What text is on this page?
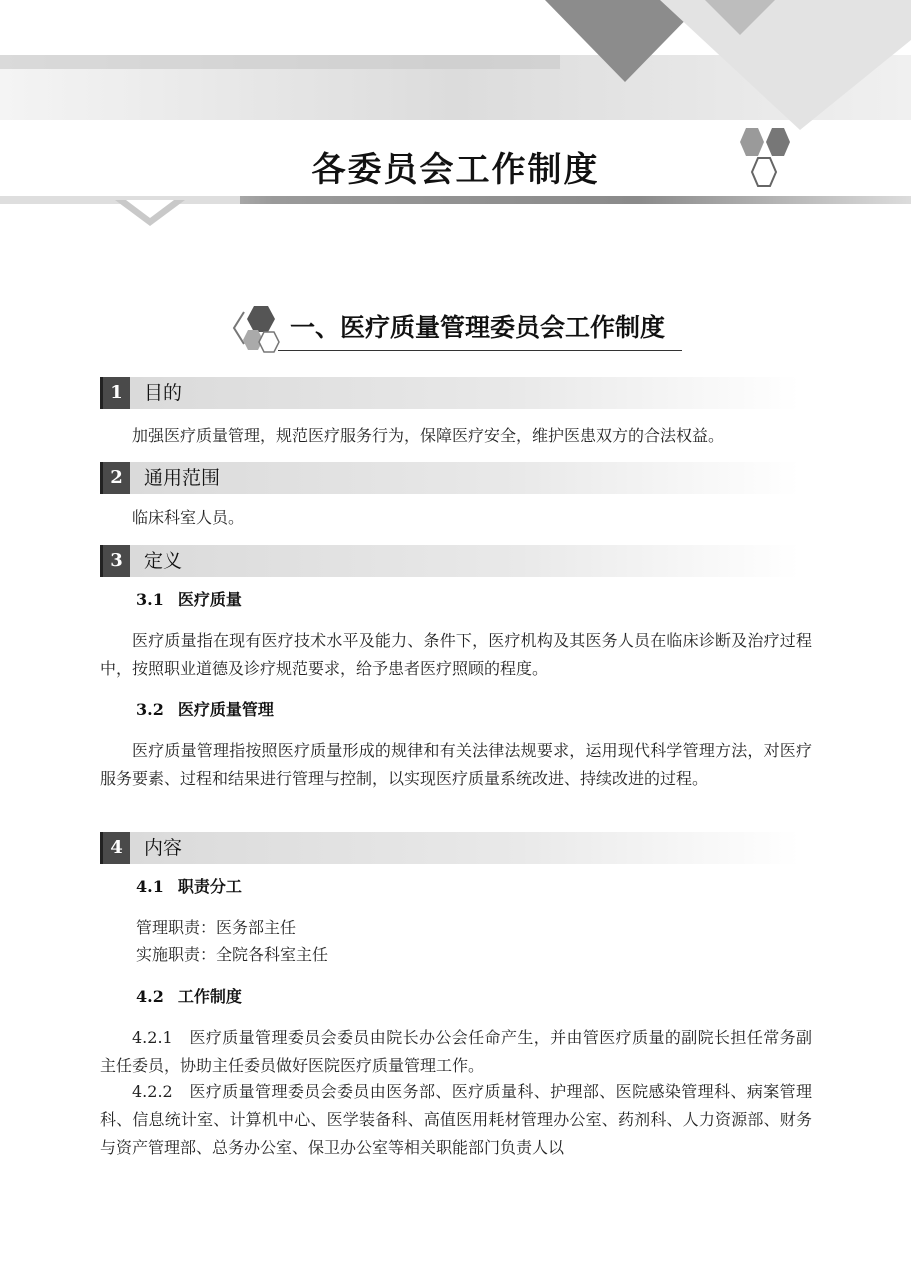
各委员会工作制度
一、医疗质量管理委员会工作制度
1	目的
加强医疗质量管理，规范医疗服务行为，保障医疗安全，维护医患双方的合法权益。
2	通用范围
临床科室人员。
3	定义
3.1 医疗质量
医疗质量指在现有医疗技术水平及能力、条件下，医疗机构及其医务人员在临床诊断及治疗过程中，按照职业道德及诊疗规范要求，给予患者医疗照顾的程度。
3.2 医疗质量管理
医疗质量管理指按照医疗质量形成的规律和有关法律法规要求，运用现代科学管理方法，对医疗服务要素、过程和结果进行管理与控制，以实现医疗质量系统改进、持续改进的过程。
4	内容
4.1 职责分工
管理职责：医务部主任
实施职责：全院各科室主任
4.2 工作制度
4.2.1　医疗质量管理委员会委员由院长办公会任命产生，并由管医疗质量的副院长担任常务副主任委员，协助主任委员做好医院医疗质量管理工作。
4.2.2　医疗质量管理委员会委员由医务部、医疗质量科、护理部、医院感染管理科、病案管理科、信息统计室、计算机中心、医学装备科、高值医用耗材管理办公室、药剂科、人力资源部、财务与资产管理部、总务办公室、保卫办公室等相关职能部门负责人以
